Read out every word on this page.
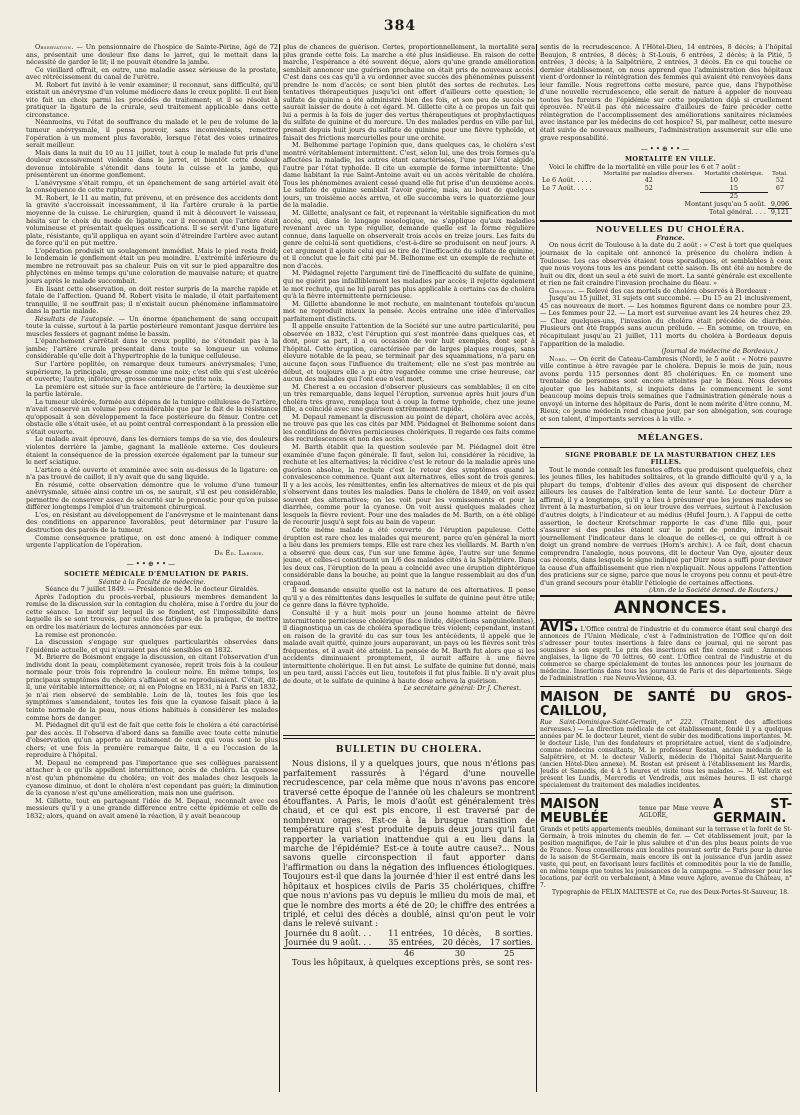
384

Observation. — Un pensionnaire de l'hospice de Sainte-Périne, âgé de 72 ans, présentait une douleur fixe dans le jarret, qui le mettait dans la nécessité de garder le lit; il ne pouvait étendre la jambe.

Ce vieillard offrait, en outre, une maladie assez sérieuse de la prostate, avec rétrécissement du canal de l'urètre.

M. Robert fut invité à le venir examiner; il reconnut, sans difficulté, qu'il existait un anévrysme d'un volume médiocre dans le creux poplité. Il eut bien vite fait un choix parmi les procédés de traitement; et il se résolut à pratiquer la ligature de la crurale, seul traitement applicable dans cette circonstance.

Néanmoins, vu l'état de souffrance du malade et le peu de volume de la tumeur anévrysmale, il pensa pouvoir, sans inconvénients, remettre l'opération à un moment plus favorable, lorsque l'état des voies urinaires serait meilleur.

Mais dans la nuit du 10 au 11 juillet, tout à coup le malade fut pris d'une douleur excessivement violente dans le jarret, et bientôt cette douleur devenue intolérable s'étendit dans toute la cuisse et la jambe, qui présentèrent un énorme gonflement.

L'anévrysme s'était rompu, et un épanchement de sang artériel avait été la conséquence de cette rupture.

M. Robert, le 11 au matin, fut prévenu, et en présence des accidents dont la gravité s'accroissait incessamment, il lia l'artère crurale à la partie moyenne de la cuisse. Le chirurgien, quand il mit à découvert le vaisseau, hésita sur le choix du mode de ligature, car il reconnut que l'artère était volumineuse et présentait quelques ossifications. Il se servit d'une ligature plate, résistante, qu'il appliqua en ayant soin d'étreindre l'artère avec autant de force qu'il en put mettre.

L'opération produisit un soulagement immédiat. Mais le pied resta froid; le lendemain le gonflement était un peu moindre. L'extrémité inférieure du membre ne retrouvait pas sa chaleur. Puis on vit sur le pied apparaître des phlyctènes en même temps qu'une coloration de mauvaise nature; et quatre jours après le malade succombait.

En lisant cette observation, on doit rester surpris de la marche rapide et fatale de l'affection. Quand M. Robert visita le malade, il était parfaitement tranquille, il ne souffrait pas; il n'existait aucun phénomène inflammatoire dans la partie malade.

Résultats de l'autopsie. — Un énorme épanchement de sang occupait toute la cuisse, surtout à la partie postérieure remontant jusque derrière les muscles fessiers et gagnant même le bassin.

L'épanchement s'arrêtait dans le creux poplité, ne s'étendait pas à la jambe; l'artère crurale présentait dans toute sa longueur un volume considérable qu'elle doit à l'hypertrophie de la tunique celluleuse.

Sur l'artère poplitée, on remarque deux tumeurs anévrysmales; l'une, supérieure, la principale, grosse comme une noix; c'est elle qui s'est ulcérée et ouverte; l'autre, inférieure, grosse comme une petite noix.

La première est située sur la face antérieure de l'artère; la deuxième sur la partie latérale.

La tumeur ulcérée, formée aux dépens de la tunique celluleuse de l'artère, n'avait conservé un volume peu considérable que par le fait de la résistance qu'opposait à son développement la face postérieure du fémur. Contre cet obstacle elle s'était usée, et au point central correspondant à la pression elle s'était ouverte.

Le malade avait éprouvé, dans les derniers temps de sa vie, des douleurs violentes derrière la jambe, gagnant la malléole externe. Ces douleurs étaient la conséquence de la pression exercée également par la tumeur sur le nerf sciatique.

L'artère a été ouverte et examinée avec soin au-dessus de la ligature: on n'a pas trouvé de caillot, il n'y avait que du sang liquide.

En résumé, cette observation démontre que le volume d'une tumeur anévrysmale, située ainsi contre un os, ne saurait, s'il est peu considérable, permettre de conserver assez de sécurité sur le pronostic pour qu'on puisse différer longtemps l'emploi d'un traitement chirurgical.

L'os, en résistant au développement de l'anévrysme et le maintenant dans des conditions en apparence favorables, peut déterminer par l'usure la destruction des parois de la tumeur.

Comme conséquence pratique, on est donc amené à indiquer comme urgente l'application de l'opération.

Dr Éd. Laborie.

—••⊕••—

SOCIÉTÉ MÉDICALE D'ÉMULATION DE PARIS.

Séante à la Faculté de médecine.

Séance du 7 juillet 1849. — Présidence de M. le docteur Giraldès.

Après l'adoption du procès-verbal, plusieurs membres demandent la remise de la discussion sur la contagion du choléra, mise à l'ordre du jour de cette séance. Le motif sur lequel ils se fondent, est l'impossibilité dans laquelle ils se sont trouvés, par suite des fatigues de la pratique, de mettre en ordre les matériaux de lectures annoncées par eux.

La remise est prononcée.

La discussion s'engage sur quelques particularités observées dans l'épidémie actuelle, et qui n'auraient pas été sensibles en 1832.

M. Brierre de Boismont engage la discussion, en citant l'observation d'un individu dont la peau, complètement cyanosée, reprit trois fois à la couleur normale pour trois fois reprendre la couleur noire. En même temps, les principaux symptômes du choléra s'affaient et se reproduisaient. C'était, dit-il, une véritable intermittence; or, ni en Pologne en 1831, ni à Paris en 1832, je n'ai rien observé de semblable. Loin de là, toutes les fois que les symptômes s'amendaient, toutes les fois que la cyanose faisait place à la teinte normale de la peau, nous étions habitués à considérer les malades comme hors de danger.

M. Piédagnel dit qu'il est de fait que cette fois le choléra a été caractérisé par des accès. Il l'observa d'abord dans sa famille avec toute cette minutie d'observation qu'un apporte au traitement de ceux qui vous sont le plus chers; et une fois la première remarque faite, il a eu l'occasion de la reproduire à l'hôpital.

M. Depaul ne comprend pas l'importance que ses collègues paraissent attacher à ce qu'ils appellent intermittence, accès de choléra. La cyanose n'est qu'un phénomène du choléra; on voit des malades chez lesquels la cyanose diminue, et dont le choléra n'est cependant pas guéri; la diminution de la cyanose n'est qu'une amélioration, mais non une guérison.

M. Gillette, tout en partageant l'idée de M. Depaul, reconnaît avec ces messieurs qu'il y a une grande différence entre cette épidémie et celle de 1832; alors, quand on avait amené la réaction, il y avait beaucoup

plus de chances de guérison. Certes, proportionnellement, la mortalité sera plus grande cette fois. La marche a été plus insidieuse. En raison de cette marche, l'espérance a été souvent déçue, alors qu'une grande amélioration semblait annoncer une guérison prochaine on était pris de nouveaux accès. C'est dans ces cas qu'il a vu ordonner avec succès des phénomènes puissent prendre le nom d'accès; ce sont bien plutôt des sortes de rechutes. Les tentatives thérapeutiques jusqu'ici ont offert d'ailleurs cette question; le sulfate de quinine a été administré bien des fois, et son peu de succès ne saurait laisser de doute à cet égard. M. Gillette cite à ce propos un fait qui lui a permis à la fois de juger des vertus thérapeutiques et prophylactiques du sulfate de quinine et du mercure. Un des malades perdus en ville par lui, prenait depuis huit jours du sulfate de quinine pour une fièvre typhoïde, et faisait des frictions mercurielles pour une orchite.

M. Belhomme partage l'opinion que, dans quelques cas, le choléra s'est montré véritablement intermittent. C'est, selon lui, une des trois formes qu'a affectées la maladie, les autres étant caractérisées, l'une par l'état algide, l'autre par l'état typhoïde. Il cite un exemple de forme intermittente: Une dame habitant la rue Saint-Antoine avait eu un accès véritable de choléra. Tous les phénomènes avaient cessé quand elle fut prise d'un deuxième accès. Le sulfate de quinine semblait l'avoir guérie, mais, au bout de quelques jours, un troisième accès arriva, et elle succomba vers le quatorzième jour de la maladie.

M. Gillette, analysant ce fait, et reprenant la véritable signification du mot accès, qui, dans le langage nosologique, ne s'applique qu'aux maladies revenant avec un type régulier, demande quelle est la forme régulière connue, dans laquelle on observerait trois accès en treize jours. Les faits du genre de celui-là sont quotidiens, c'est-à-dire se produisent en neuf jours. A cet argument il ajoute celui qui se tire de l'inefficacité du sulfate de quinine, et il conclut que le fait cité par M. Belhomme est un exemple de rechute et non d'accès.

M. Piédagnel rejette l'argument tiré de l'inefficacité du sulfate de quinine, qui ne guérit pas infailliblement les maladies par accès; il rejette également le mot rechute, qui ne lui paraît pas plus applicable à certains cas de choléra qu'à la fièvre intermittente pernicieuse.

M. Gillette abandonne le mot rechute, en maintenant toutefois qu'aucun mot ne reproduit mieux la pensée. Accès entraîne une idée d'intervalles parfaitement distincts.

Il appelle ensuite l'attention de la Société sur une autre particularité, peu observée en 1832, c'est l'éruption qui s'est montrée dans quelques cas, et dont, pour sa part, il a eu occasion de voir huit exemples, dont sept à l'hôpital. Cette éruption, caractérisée par de larges plaques rouges, sans élevure notable de la peau, se terminait par des squammations, n'a paru en aucune façon sous l'influence du traitement; elle ne s'est pas montrée au début, et toujours elle a pu être regardée comme une crise heureuse, car aucun des malades qui l'ont eue n'est mort.

M. Cherest a eu occasion d'observer plusieurs cas semblables; il en cite un très remarquable, dans lequel l'éruption, survenue après huit jours d'un choléra très grave, remplaça tout à coup la forme typhoïde, chez une jeune fille, a coïncidé avec une guérison extrêmement rapide.

M. Depaul ramenant la discussion au point de départ, choléra avec accès, ne trouve pas que les cas cités par MM. Piédagnel et Belhomme soient dans les conditions de fièvres pernicieuses cholériques. Il regarde ces faits comme des recrudescences et non des accès.

M. Barth établit que la question soulevée par M. Piédagnel doit être examinée d'une façon générale. Il faut, selon lui, considérer la récidive, la rechute et les alternatives; la récidive c'est le retour de la maladie après une guérison absolue, la rechute c'est le retour des symptômes quand la convalescence commence. Quant aux alternatives, elles sont de trois genres. Il y a les accès, les rémittentes, enfin les alternatives de mieux et de pis qui s'observent dans toutes les maladies. Dans le choléra de 1849, on voit assez souvent des alternatives; on les voit pour les vomissements et pour la diarrhée, comme pour la cyanose. On voit aussi quelques malades chez lesquels la fièvre revient. Pour une des malades de M. Barth, on a été obligé de recourir jusqu'à sept fois au bain de vapeur.

Cette même malade a été couverte de l'éruption papuleuse. Cette éruption est rare chez les malades qui meurent, parce qu'en général la mort a lieu dans les premiers temps. Elle est rare chez les vieillards. M. Barth n'en a observé que deux cas, l'un sur une femme âgée, l'autre sur une femme jeune, et celles-ci constituent un 1/6 des malades cités à la Salpêtrière. Dans les deux cas, l'éruption de la peau a coïncidé avec une éruption diphtérique considérable dans la bouche, au point que la langue ressemblait au dos d'un crapaud.

Il se demande ensuite quelle est la nature de ces alternatives. Il pense qu'il y a des rémittentes dans lesquelles le sulfate de quinine peut être utile; ce genre dans la fièvre typhoïde.

Consulté il y a huit mois pour un jeune homme atteint de fièvre intermittente pernicieuse cholérique (face livide, déjections sanguinolentes), il diagnostiqua un cas de choléra sporadique très violent; cependant, instant en raison de la gravité du cas sur tous les antécédents, il appelé que le malade avait quitté, quinze jours auparavant, un pays où les fièvres sont très fréquentes, et il avait été atteint. La pensée de M. Barth fut alors que si les accidents diminuaient promptement, il aurait affaire à une fièvre intermittente cholérique. Il en fut ainsi. Le sulfate de quinine fut donné, mais un peu tard, aussi l'accès eut lieu, toutefois il fut plus faible. Il n'y avait plus de doute, et le sulfate de quinine à haute dose acheva la guérison.

Le secrétaire général: Dr J. Cherest.

BULLETIN DU CHOLÉRA.

Nous disions, il y a quelques jours, que nous n'étions pas parfaitement rassurés à l'égard d'une nouvelle recrudescence, par cela même que nous n'avons pas encore traversé cette époque de l'année où les chaleurs se montrent étouffantes. A Paris, le mois d'août est généralement très chaud, et ce qui est pis encore, il est traversé par de nombreux orages. Est-ce à la brusque transition de température qui s'est produite depuis deux jours qu'il faut rapporter la variation inattendue qui a eu lieu dans la marche de l'épidémie? Est-ce à toute autre cause?... Nous savons quelle circonspection il faut apporter dans l'affirmation ou dans la négation des influences étiologiques. Toujours est-il que dans la journée d'hier il est entré dans les hôpitaux et hospices civils de Paris 35 cholériques, chiffre que nous n'avions pas vu depuis le milieu du mois de mai, et que le nombre des morts a été de 20; le chiffre des entrées a triplé, et celui des décès a doublé, ainsi qu'on peut le voir dans le relevé suivant :

Journée du 8 août. . .	11 entrées,	10 décès,	8 sorties.
Journée du 9 août. . .	35 entrées,	20 décès,	17 sorties.
	46	30	25

Tous les hôpitaux, à quelques exceptions près, se sont res-

sentis de la recrudescence. A l'Hôtel-Dieu, 14 entrées, 8 décès; à l'hôpital Beaujon, 8 entrées, 8 décès; à St-Louis, 6 entrées, 2 décès; à la Pitié, 5 entrées, 3 décès; à la Salpêtrière, 2 entrées, 3 décès. En ce qui touche ce dernier établissement, on nous apprend que l'administration des hôpitaux vient d'ordonner la réintégration des femmes qui avaient été renvoyées dans leur famille. Nous regrettons cette mesure, parce que, dans l'hypothèse d'une nouvelle recrudescence, elle serait de nature à appeler de nouveau toutes les fureurs de l'épidémie sur cette population déjà si cruellement éprouvée. N'eût-il pas été nécessaire d'ailleurs de faire précéder cette réintégration de l'accomplissement des améliorations sanitaires réclamées avec instance par les médecins de cet hospice? Si, par malheur, cette mesure était suivie de nouveaux malheurs, l'administration assumerait sur elle une grave responsabilité.

—••⊕••—

MORTALITÉ EN VILLE.

Voici le chiffre de la mortalité en ville pour les 6 et 7 août :

	Mortalité par maladies diverses.	Mortalité cholérique.	Total.
Le 6 Août. . . . .	42	10	52
Le 7 Août. . . . .	52	15	67
		25	
Montant jusqu'au 5 août.			9,096
Total général. . . .			9,121

NOUVELLES DU CHOLÉRA.

France.

On nous écrit de Toulouse à la date du 2 août : « C'est à tort que quelques journaux de la capitale ont annoncé la présence du choléra indien à Toulouse. Les cas observés étaient tous sporadiques, et semblables à ceux que nous voyons tous les ans pendant cette saison. Ils ont été au nombre de huit ou dix, dont un seul a été suivi de mort. La santé générale est excellente et rien ne fait craindre l'invasion prochaine du fléau. »

Gironde. — Relevé des cas mortels de choléra observés à Bordeaux :

Jusqu'au 15 juillet, 31 sujets ont succombé. — Du 15 au 21 inclusivement, 45 cas nouveaux de mort. — Les hommes figurent dans ce nombre pour 23. — Les femmes pour 22. — La mort est survenue avant les 24 heures chez 29. — Chez quelques-uns, l'invasion du choléra était précédée de diarrhée. Plusieurs ont été frappés sans aucun prélude. — En somme, on trouve, en récapitulant jusqu'au 21 juillet, 111 morts du choléra à Bordeaux depuis l'apparition de la maladie.

(Journal de médecine de Bordeaux.)

Nord. — On écrit de Cateau-Cambresis (Nord), le 5 août : « Notre pauvre ville continue à être ravagée par le choléra. Depuis le mois de juin, nous avons perdu 115 personnes dont 85 cholériques. En ce moment une trentaine de personnes sont encore atteintes par le fléau. Nous devons ajouter que les habitants, si inquiets dans le commencement le sont beaucoup moins depuis trois semaines que l'administration générale nous a envoyé un interne des hôpitaux de Paris, dont le nom mérite d'être connu, M. Rieux; ce jeune médecin rend chaque jour, par son abnégation, son courage et son talent, d'importants services à la ville. »

MÉLANGES.

SIGNE PROBABLE DE LA MASTURBATION CHEZ LES FILLES.

Tout le monde connaît les funestes effets que produisent quelquefois, chez les jeunes filles, les habitudes solitaires, et la grande difficulté qu'il y a, la plupart du temps, d'obtenir d'elles des aveux qui disposent de chercher ailleurs les causes de l'altération lente de leur santé. Le docteur Dürr a affirmé, il y a longtemps, qu'il y a lieu à présumer que les jeunes malades se livrent à la masturbation, si on leur trouve des verrues, surtout à l'exclusion d'autres doigts, à l'indicateur et au médius (Hufel Journ.). A l'appui de cette assertion, le docteur Kretschmar rapporte le cas d'une fille qui, pour s'assurer si des poules étaient sur le point de pondre, introduisait journellement l'indicateur dans le cloaque de celles-ci, ce qui offrait à ce doigt un grand nombre de verrues (Horn's archiv.). A ce fait, dont chacun comprendra l'analogie, nous pouvons, dit le docteur Van Oye, ajouter deux cas récents, dans lesquels le signe indiqué par Dürr nous a suffi pour deviner la cause d'un affaiblissement que rien n'expliquait. Nous appelons l'attention des praticiens sur ce signe, parce que nous le croyons peu connu et peut-être d'un grand secours pour établir l'étiologie de certaines affections.

(Ann. de la Société demed. de Routers.)

ANNONCES.

AVIS. L'Office central de l'industrie et du commerce étant seul chargé des annonces de l'Union Médicale, c'est à l'administration de l'Office qu'on doit s'adresser pour toutes insertions à faire dans ce journal, qui ne seront pas soumises à son esprit. Le prix des insertions est fixé comme suit : Annonces anglaises, la ligne de 70 lettres, 60 cent. L'Office central de l'industrie et du commerce se charge spécialement de toutes les annonces pour les journaux de médecine. Insertions dans tous les journaux de Paris et des départements. Siège de l'administration : rue Neuve-Vivienne, 43.
MAISON DE SANTÉ DU GROS-CAILLOU,
Rue Saint-Dominique-Saint-Germain, n° 222. (Traitement des affections nerveuses.) — La direction médicale de cet établissement, fondé il y a quelques années par M. le docteur Leuret, vient de subir des modifications importantes. M. le docteur Lisle, l'un des fondateurs et propriétaire actuel, vient de s'adjoindre, comme médecins consultants, M. le professeur Rostan, ancien médecin de la Salpêtrière, et M. le docteur Vallerix, médecin de l'hôpital Saint-Marguerite (ancien Hôtel-Dieu annexe). M. Rostan est présent à l'établissement les Mardis, Jeudis et Samedis, de 4 à 5 heures et visite tous les malades. — M. Vallerix est présent les Lundis, Mercredis et Vendredis, aux mêmes heures. Il est chargé spécialement du traitement des maladies incidentes.
MAISON MEUBLÉE
tenue par Mme veuve AGLORE,
A ST-GERMAIN.
Grands et petits appartements meublés, dominant sur la terrasse et la forêt de St-Germain, à trois minutes du chemin de fer. — Cet établissement jouit, par la position magnifique, de l'air le plus salubre et d'un des plus beaux points de vue de France. Nous conseillerons aux localités pouvant sortir de Paris pour la durée de la saison de St-Germain, mais encore ils ont la jouissance d'un jardin assez vaste, qui peut, en favorisant leurs facilités et commodités pour la vie de famille, en même temps que toutes les jouissances de la campagne. — S'adresser pour les locations, par écrit ou verbalement, à Mme veuve Aglore, avenue du Château, n° 7.

Typographie de FÉLIX MALTESTE et Ce, rue des Deux-Portes-St-Sauveur, 18.
